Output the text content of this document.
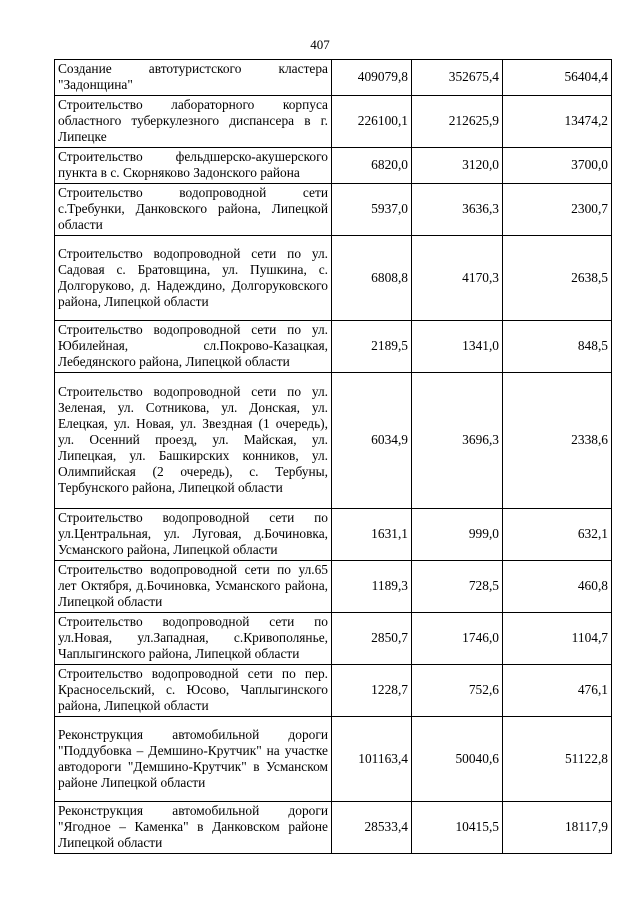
407
Создание автотуристского кластера "Задонщина"	409079,8	352675,4	56404,4
Строительство лабораторного корпуса областного туберкулезного диспансера в г. Липецке	226100,1	212625,9	13474,2
Строительство фельдшерско-акушерского пункта в с. Скорняково Задонского района	6820,0	3120,0	3700,0
Строительство водопроводной сети с.Требунки, Данковского района, Липецкой области	5937,0	3636,3	2300,7
Строительство водопроводной сети по ул. Садовая с. Братовщина, ул. Пушкина, с. Долгоруково, д. Надеждино, Долгоруковского района, Липецкой области	6808,8	4170,3	2638,5
Строительство водопроводной сети по ул. Юбилейная, сл.Покрово-Казацкая, Лебедянского района, Липецкой области	2189,5	1341,0	848,5
Строительство водопроводной сети по ул. Зеленая, ул. Сотникова, ул. Донская, ул. Елецкая, ул. Новая, ул. Звездная (1 очередь), ул. Осенний проезд, ул. Майская, ул. Липецкая, ул. Башкирских конников, ул. Олимпийская (2 очередь), с. Тербуны, Тербунского района, Липецкой области	6034,9	3696,3	2338,6
Строительство водопроводной сети по ул.Центральная, ул. Луговая, д.Бочиновка, Усманского района, Липецкой области	1631,1	999,0	632,1
Строительство водопроводной сети по ул.65 лет Октября, д.Бочиновка, Усманского района, Липецкой области	1189,3	728,5	460,8
Строительство водопроводной сети по ул.Новая, ул.Западная, с.Кривополянье, Чаплыгинского района, Липецкой области	2850,7	1746,0	1104,7
Строительство водопроводной сети по пер. Красносельский, с. Юсово, Чаплыгинского района, Липецкой области	1228,7	752,6	476,1
Реконструкция автомобильной дороги "Поддубовка – Демшино-Крутчик" на участке автодороги "Демшино-Крутчик" в Усманском районе Липецкой области	101163,4	50040,6	51122,8
Реконструкция автомобильной дороги "Ягодное – Каменка" в Данковском районе Липецкой области	28533,4	10415,5	18117,9
